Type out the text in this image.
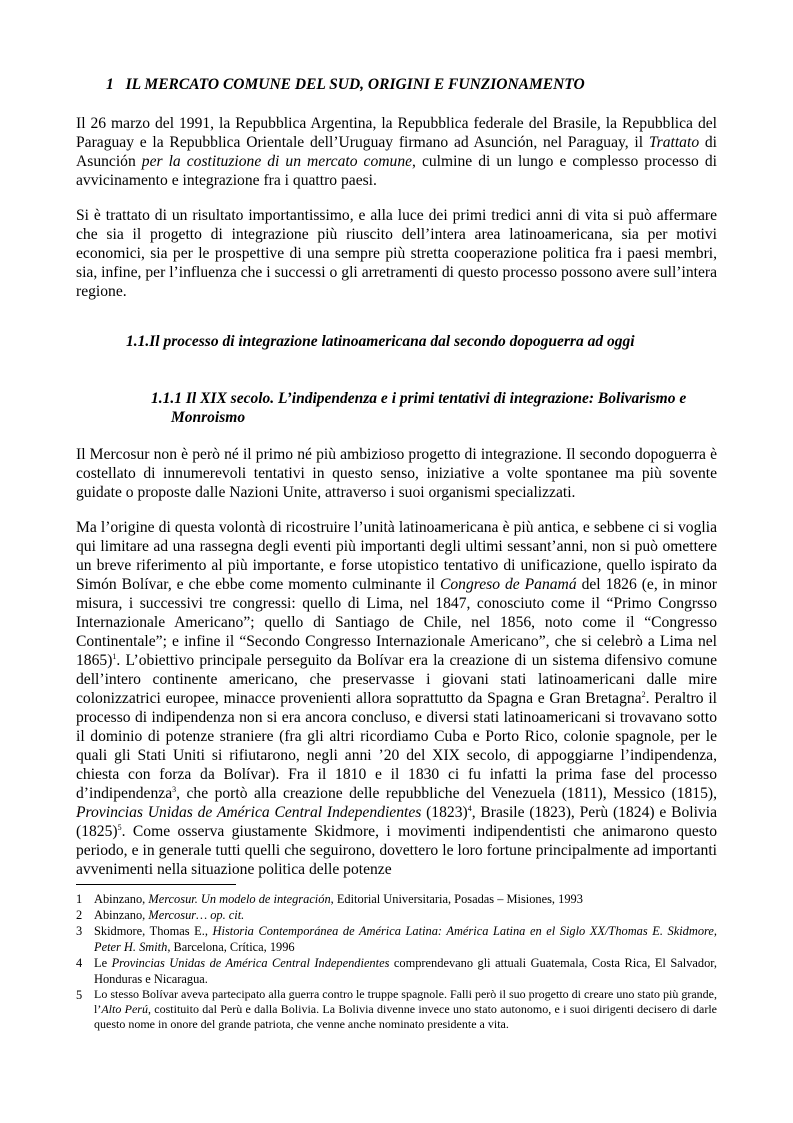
1 IL MERCATO COMUNE DEL SUD, ORIGINI E FUNZIONAMENTO
Il 26 marzo del 1991, la Repubblica Argentina, la Repubblica federale del Brasile, la Repubblica del Paraguay e la Repubblica Orientale dell’Uruguay firmano ad Asunción, nel Paraguay, il Trattato di Asunción per la costituzione di un mercato comune, culmine di un lungo e complesso processo di avvicinamento e integrazione fra i quattro paesi.
Si è trattato di un risultato importantissimo, e alla luce dei primi tredici anni di vita si può affermare che sia il progetto di integrazione più riuscito dell’intera area latinoamericana, sia per motivi economici, sia per le prospettive di una sempre più stretta cooperazione politica fra i paesi membri, sia, infine, per l’influenza che i successi o gli arretramenti di questo processo possono avere sull’intera regione.
1.1.Il processo di integrazione latinoamericana dal secondo dopoguerra ad oggi
1.1.1 Il XIX secolo. L’indipendenza e i primi tentativi di integrazione: Bolivarismo e
Monroismo
Il Mercosur non è però né il primo né più ambizioso progetto di integrazione. Il secondo dopoguerra è costellato di innumerevoli tentativi in questo senso, iniziative a volte spontanee ma più sovente guidate o proposte dalle Nazioni Unite, attraverso i suoi organismi specializzati.
Ma l’origine di questa volontà di ricostruire l’unità latinoamericana è più antica, e sebbene ci si voglia qui limitare ad una rassegna degli eventi più importanti degli ultimi sessant’anni, non si può omettere un breve riferimento al più importante, e forse utopistico tentativo di unificazione, quello ispirato da Simón Bolívar, e che ebbe come momento culminante il Congreso de Panamá del 1826 (e, in minor misura, i successivi tre congressi: quello di Lima, nel 1847, conosciuto come il “Primo Congrsso Internazionale Americano”; quello di Santiago de Chile, nel 1856, noto come il “Congresso Continentale”; e infine il “Secondo Congresso Internazionale Americano”, che si celebrò a Lima nel 1865)$^1$. L’obiettivo principale perseguito da Bolívar era la creazione di un sistema difensivo comune dell’intero continente americano, che preservasse i giovani stati latinoamericani dalle mire colonizzatrici europee, minacce provenienti allora soprattutto da Spagna e Gran Bretagna$^2$. Peraltro il processo di indipendenza non si era ancora concluso, e diversi stati latinoamericani si trovavano sotto il dominio di potenze straniere (fra gli altri ricordiamo Cuba e Porto Rico, colonie spagnole, per le quali gli Stati Uniti si rifiutarono, negli anni ’20 del XIX secolo, di appoggiarne l’indipendenza, chiesta con forza da Bolívar). Fra il 1810 e il 1830 ci fu infatti la prima fase del processo d’indipendenza$^3$, che portò alla creazione delle repubbliche del Venezuela (1811), Messico (1815), Provincias Unidas de América Central Independientes $(1823)^4$, Brasile (1823), Perù (1824) e Bolivia $(1825)^5$. Come osserva giustamente Skidmore, i movimenti indipendentisti che animarono questo periodo, e in generale tutti quelli che seguirono, dovettero le loro fortune principalmente ad importanti avvenimenti nella situazione politica delle potenze
1 Abinzano, Mercosur. Un modelo de integración, Editorial Universitaria, Posadas – Misiones, 1993
2 Abinzano, Mercosur… op. cit.
3 Skidmore, Thomas E., Historia Contemporánea de América Latina: América Latina en el Siglo XX/Thomas E. Skidmore, Peter H. Smith, Barcelona, Crítica, 1996
4 Le Provincias Unidas de América Central Independientes comprendevano gli attuali Guatemala, Costa Rica, El Salvador, Honduras e Nicaragua.
5 Lo stesso Bolívar aveva partecipato alla guerra contro le truppe spagnole. Falli però il suo progetto di creare uno stato più grande, l’Alto Perú, costituito dal Perù e dalla Bolivia. La Bolivia divenne invece uno stato autonomo, e i suoi dirigenti decisero di darle questo nome in onore del grande patriota, che venne anche nominato presidente a vita.
